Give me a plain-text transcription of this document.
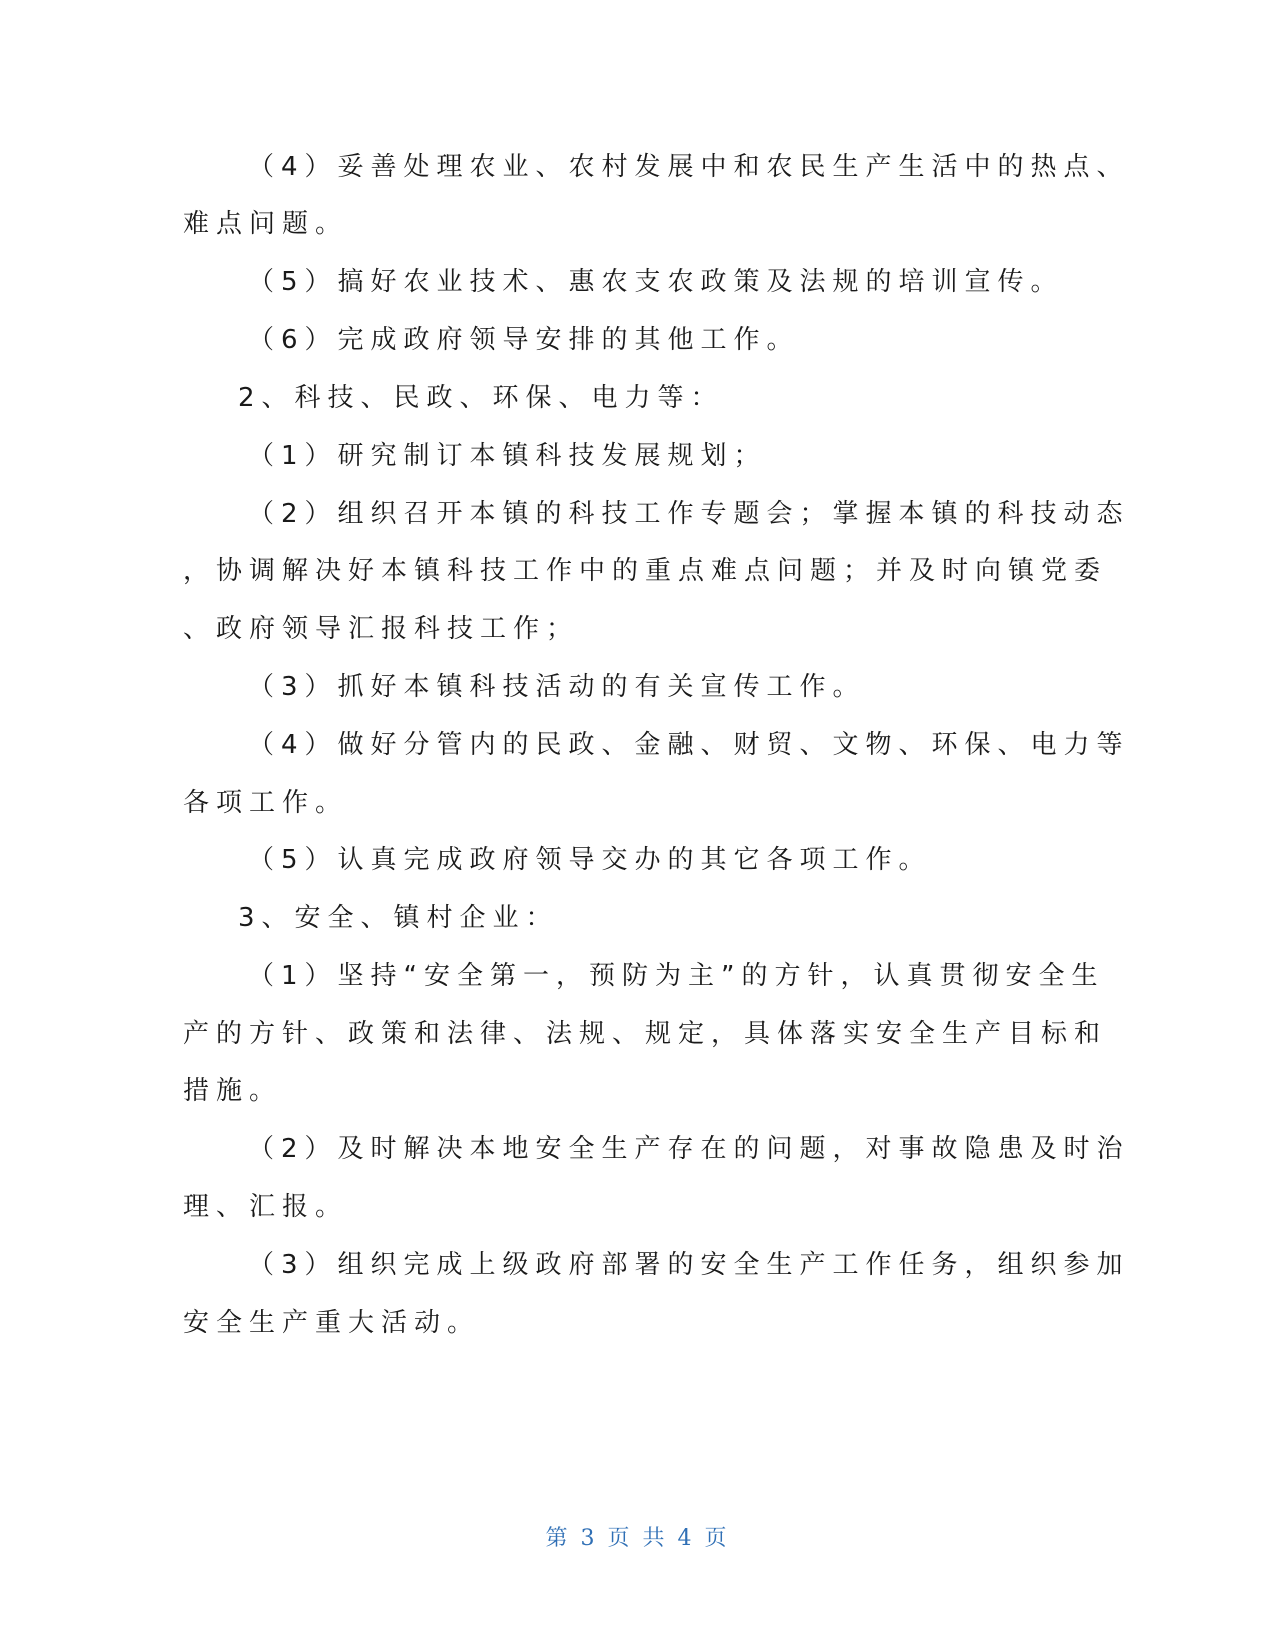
（4）妥善处理农业、农村发展中和农民生产生活中的热点、
难点问题。
（5）搞好农业技术、惠农支农政策及法规的培训宣传。
（6）完成政府领导安排的其他工作。
2、科技、民政、环保、电力等：
（1）研究制订本镇科技发展规划；
（2）组织召开本镇的科技工作专题会；掌握本镇的科技动态
，协调解决好本镇科技工作中的重点难点问题；并及时向镇党委
、政府领导汇报科技工作；
（3）抓好本镇科技活动的有关宣传工作。
（4）做好分管内的民政、金融、财贸、文物、环保、电力等
各项工作。
（5）认真完成政府领导交办的其它各项工作。
3、安全、镇村企业：
（1）坚持“安全第一，预防为主”的方针，认真贯彻安全生
产的方针、政策和法律、法规、规定，具体落实安全生产目标和
措施。
（2）及时解决本地安全生产存在的问题，对事故隐患及时治
理、汇报。
（3）组织完成上级政府部署的安全生产工作任务，组织参加
安全生产重大活动。
第 3 页 共 4 页
